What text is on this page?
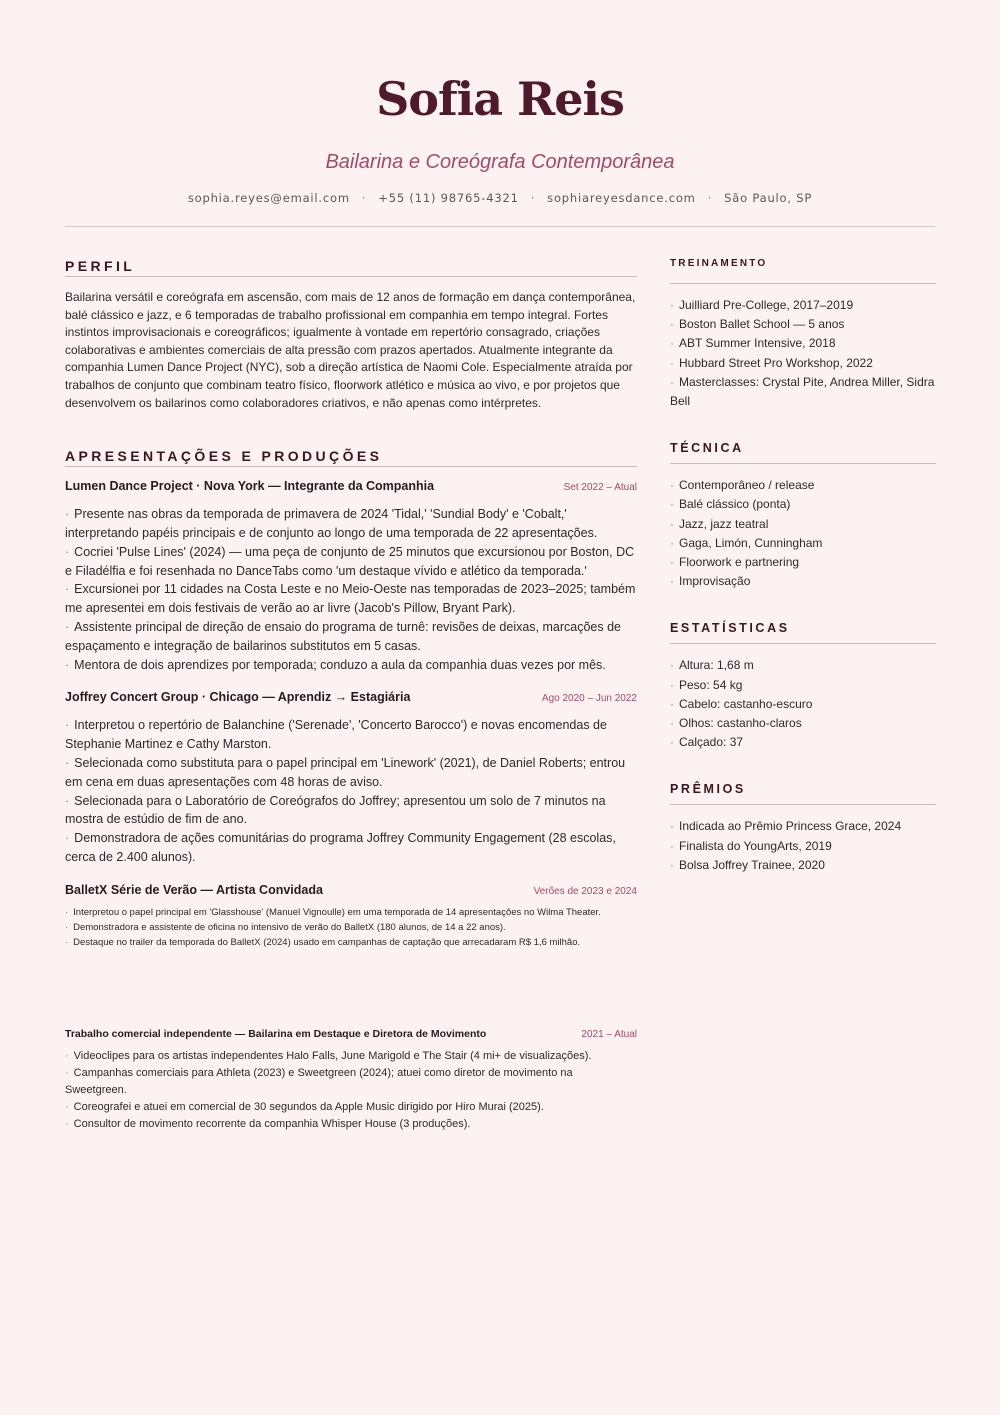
Sofia Reis
Bailarina e Coreógrafa Contemporânea
sophia.reyes@email.com · +55 (11) 98765-4321 · sophiareyesdance.com · São Paulo, SP
PERFIL
Bailarina versátil e coreógrafa em ascensão, com mais de 12 anos de formação em dança contemporânea, balé clássico e jazz, e 6 temporadas de trabalho profissional em companhia em tempo integral. Fortes instintos improvisacionais e coreográficos; igualmente à vontade em repertório consagrado, criações colaborativas e ambientes comerciais de alta pressão com prazos apertados. Atualmente integrante da companhia Lumen Dance Project (NYC), sob a direção artística de Naomi Cole. Especialmente atraída por trabalhos de conjunto que combinam teatro físico, floorwork atlético e música ao vivo, e por projetos que desenvolvem os bailarinos como colaboradores criativos, e não apenas como intérpretes.
APRESENTAÇÕES E PRODUÇÕES
Lumen Dance Project · Nova York — Integrante da Companhia	Set 2022 – Atual
· Presente nas obras da temporada de primavera de 2024 'Tidal,' 'Sundial Body' e 'Cobalt,' interpretando papéis principais e de conjunto ao longo de uma temporada de 22 apresentações.
· Cocriei 'Pulse Lines' (2024) — uma peça de conjunto de 25 minutos que excursionou por Boston, DC e Filadélfia e foi resenhada no DanceTabs como 'um destaque vívido e atlético da temporada.'
· Excursionei por 11 cidades na Costa Leste e no Meio-Oeste nas temporadas de 2023–2025; também me apresentei em dois festivais de verão ao ar livre (Jacob's Pillow, Bryant Park).
· Assistente principal de direção de ensaio do programa de turnê: revisões de deixas, marcações de espaçamento e integração de bailarinos substitutos em 5 casas.
· Mentora de dois aprendizes por temporada; conduzo a aula da companhia duas vezes por mês.
Joffrey Concert Group · Chicago — Aprendiz → Estagiária	Ago 2020 – Jun 2022
· Interpretou o repertório de Balanchine ('Serenade', 'Concerto Barocco') e novas encomendas de Stephanie Martinez e Cathy Marston.
· Selecionada como substituta para o papel principal em 'Linework' (2021), de Daniel Roberts; entrou em cena em duas apresentações com 48 horas de aviso.
· Selecionada para o Laboratório de Coreógrafos do Joffrey; apresentou um solo de 7 minutos na mostra de estúdio de fim de ano.
· Demonstradora de ações comunitárias do programa Joffrey Community Engagement (28 escolas, cerca de 2.400 alunos).
BalletX Série de Verão — Artista Convidada	Verões de 2023 e 2024
· Interpretou o papel principal em 'Glasshouse' (Manuel Vignoulle) em uma temporada de 14 apresentações no Wilma Theater.
· Demonstradora e assistente de oficina no intensivo de verão do BalletX (180 alunos, de 14 a 22 anos).
· Destaque no trailer da temporada do BalletX (2024) usado em campanhas de captação que arrecadaram R$ 1,6 milhão.
Trabalho comercial independente — Bailarina em Destaque e Diretora de Movimento	2021 – Atual
· Videoclipes para os artistas independentes Halo Falls, June Marigold e The Stair (4 mi+ de visualizações).
· Campanhas comerciais para Athleta (2023) e Sweetgreen (2024); atuei como diretor de movimento na Sweetgreen.
· Coreografei e atuei em comercial de 30 segundos da Apple Music dirigido por Hiro Murai (2025).
· Consultor de movimento recorrente da companhia Whisper House (3 produções).
TREINAMENTO
· Juilliard Pre-College, 2017–2019
· Boston Ballet School — 5 anos
· ABT Summer Intensive, 2018
· Hubbard Street Pro Workshop, 2022
· Masterclasses: Crystal Pite, Andrea Miller, Sidra Bell
TÉCNICA
· Contemporâneo / release
· Balé clássico (ponta)
· Jazz, jazz teatral
· Gaga, Limón, Cunningham
· Floorwork e partnering
· Improvisação
ESTATÍSTICAS
· Altura: 1,68 m
· Peso: 54 kg
· Cabelo: castanho-escuro
· Olhos: castanho-claros
· Calçado: 37
PRÊMIOS
· Indicada ao Prêmio Princess Grace, 2024
· Finalista do YoungArts, 2019
· Bolsa Joffrey Trainee, 2020
